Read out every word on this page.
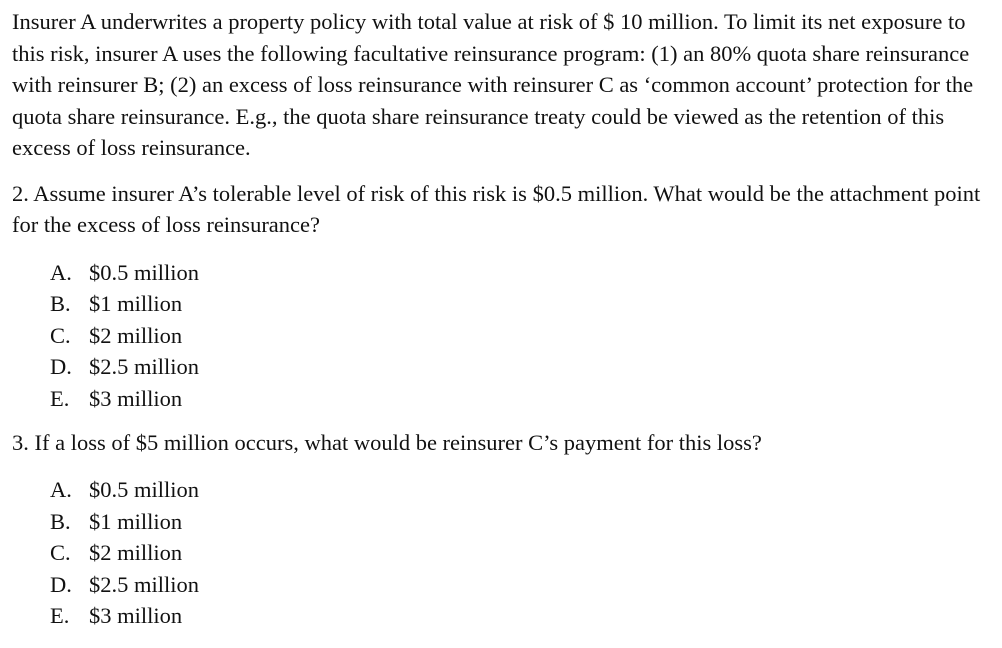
Insurer A underwrites a property policy with total value at risk of $ 10 million. To limit its net exposure to this risk, insurer A uses the following facultative reinsurance program: (1) an 80% quota share reinsurance with reinsurer B; (2) an excess of loss reinsurance with reinsurer C as ‘common account’ protection for the quota share reinsurance. E.g., the quota share reinsurance treaty could be viewed as the retention of this excess of loss reinsurance.

2. Assume insurer A’s tolerable level of risk of this risk is $0.5 million. What would be the attachment point for the excess of loss reinsurance?

A. $0.5 million
B. $1 million
C. $2 million
D. $2.5 million
E. $3 million

3. If a loss of $5 million occurs, what would be reinsurer C’s payment for this loss?

A. $0.5 million
B. $1 million
C. $2 million
D. $2.5 million
E. $3 million
